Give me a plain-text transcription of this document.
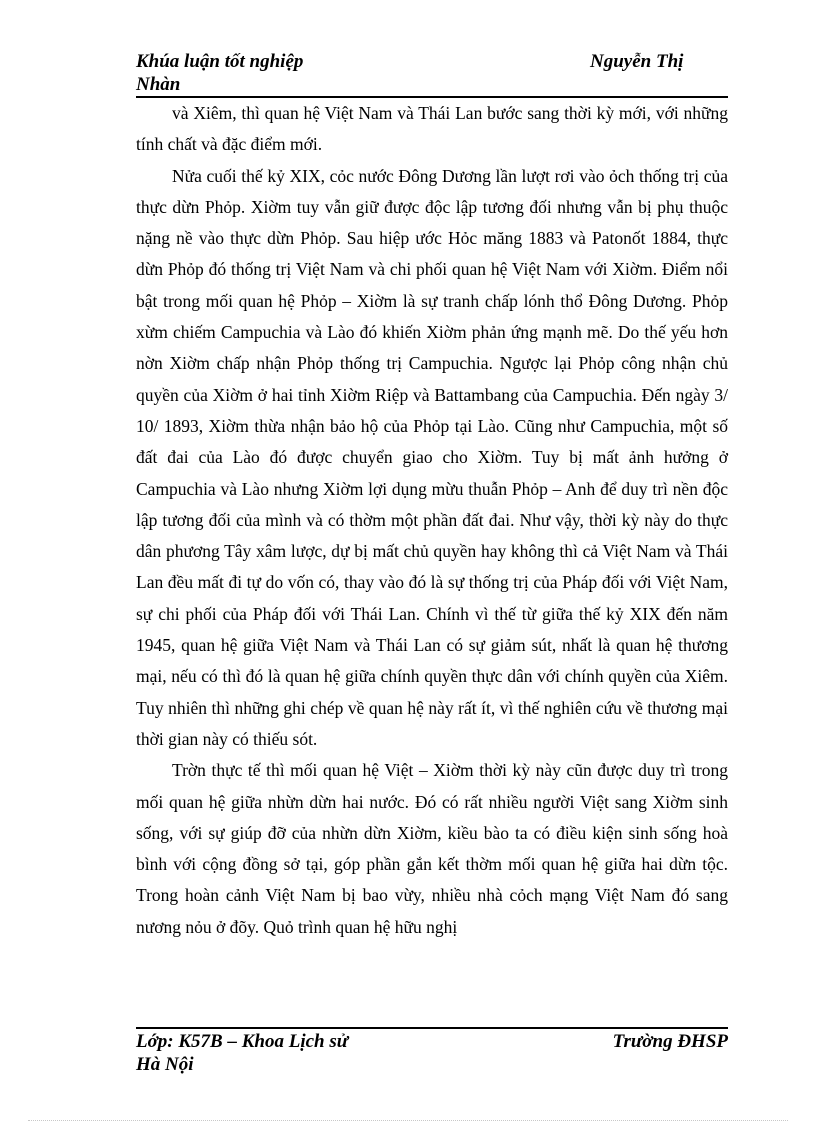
Khúa luận tốt nghiệp	Nguyễn Thị
Nhàn

và Xiêm, thì quan hệ Việt Nam và Thái Lan bước sang thời kỳ mới, với những tính chất và đặc điểm mới.

Nửa cuối thế kỷ XIX, cỏc nước Đông Dương lần lượt rơi vào ỏch thống trị của thực dừn Phỏp. Xiờm tuy vẫn giữ được độc lập tương đối nhưng vẫn bị phụ thuộc nặng nề vào thực dừn Phỏp. Sau hiệp ước Hỏc măng 1883 và Patonốt 1884, thực dừn Phỏp đó thống trị Việt Nam và chi phối quan hệ Việt Nam với Xiờm. Điểm nổi bật trong mối quan hệ Phỏp – Xiờm là sự tranh chấp lónh thổ Đông Dương. Phỏp xừm chiếm Campuchia và Lào đó khiến Xiờm phản ứng mạnh mẽ. Do thế yếu hơn nờn Xiờm chấp nhận Phỏp thống trị Campuchia. Ngược lại Phỏp công nhận chủ quyền của Xiờm ở hai tỉnh Xiờm Riệp và Battambang của Campuchia. Đến ngày 3/ 10/ 1893, Xiờm thừa nhận bảo hộ của Phỏp tại Lào. Cũng như Campuchia, một số đất đai của Lào đó được chuyển giao cho Xiờm. Tuy bị mất ảnh hưởng ở Campuchia và Lào nhưng Xiờm lợi dụng mừu thuẫn Phỏp – Anh để duy trì nền độc lập tương đối của mình và có thờm một phần đất đai. Như vậy, thời kỳ này do thực dân phương Tây xâm lược, dự bị mất chủ quyền hay không thì cả Việt Nam và Thái Lan đều mất đi tự do vốn có, thay vào đó là sự thống trị của Pháp đối với Việt Nam, sự chi phối của Pháp đối với Thái Lan. Chính vì thế từ giữa thế kỷ XIX đến năm 1945, quan hệ giữa Việt Nam và Thái Lan có sự giảm sút, nhất là quan hệ thương mại, nếu có thì đó là quan hệ giữa chính quyền thực dân với chính quyền của Xiêm. Tuy nhiên thì những ghi chép về quan hệ này rất ít, vì thế nghiên cứu về thương mại thời gian này có thiếu sót.

Trờn thực tế thì mối quan hệ Việt – Xiờm thời kỳ này cũn được duy trì trong mối quan hệ giữa nhừn dừn hai nước. Đó có rất nhiều người Việt sang Xiờm sinh sống, với sự giúp đỡ của nhừn dừn Xiờm, kiều bào ta có điều kiện sinh sống hoà bình với cộng đồng sở tại, góp phần gắn kết thờm mối quan hệ giữa hai dừn tộc. Trong hoàn cảnh Việt Nam bị bao vừy, nhiều nhà cỏch mạng Việt Nam đó sang nương nỏu ở đõy. Quỏ trình quan hệ hữu nghị

Lớp: K57B – Khoa Lịch sử	Trường ĐHSP
Hà Nội
